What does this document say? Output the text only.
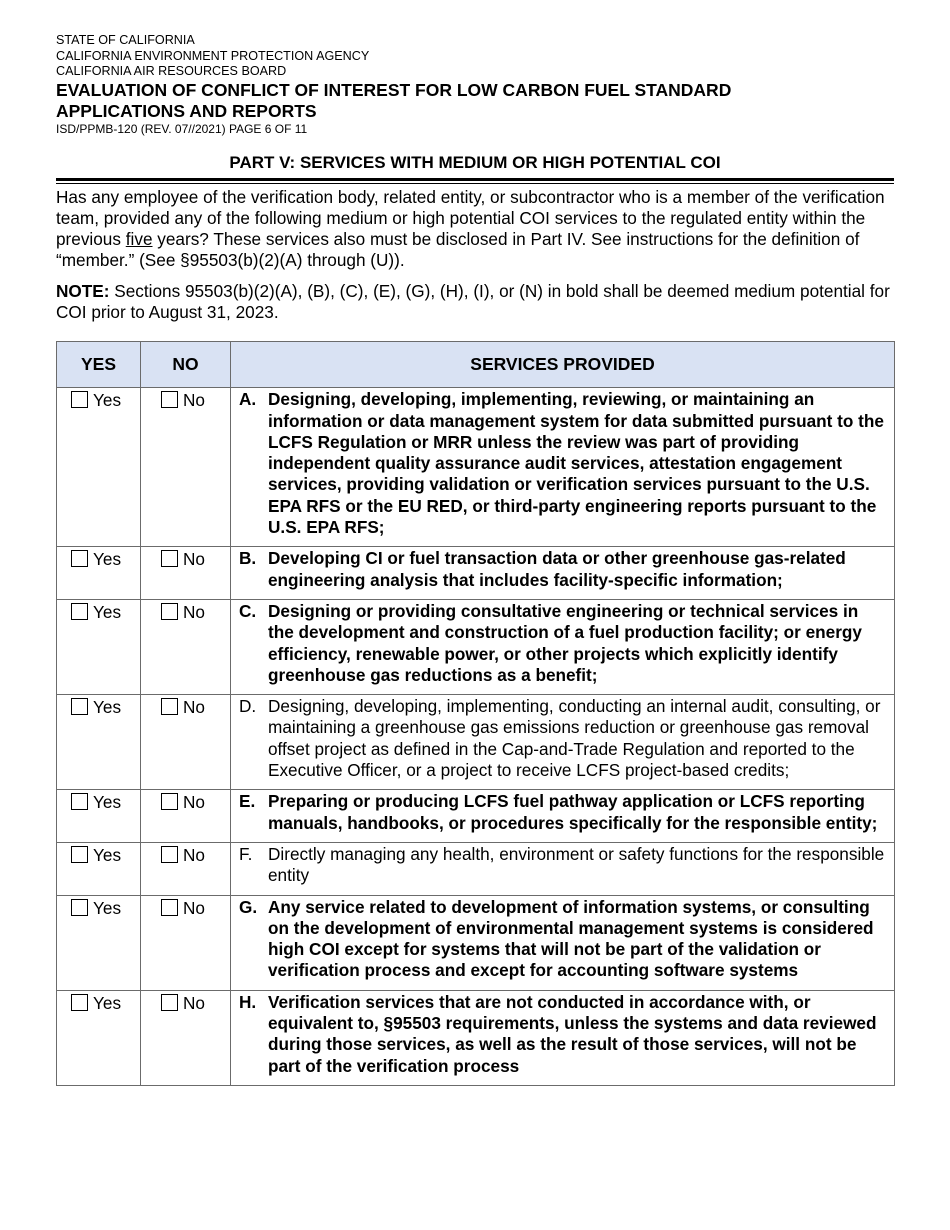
STATE OF CALIFORNIA
CALIFORNIA ENVIRONMENT PROTECTION AGENCY
CALIFORNIA AIR RESOURCES BOARD
EVALUATION OF CONFLICT OF INTEREST FOR LOW CARBON FUEL STANDARD
APPLICATIONS AND REPORTS
ISD/PPMB-120 (REV. 07//2021) PAGE 6 OF 11
PART V: SERVICES WITH MEDIUM OR HIGH POTENTIAL COI
Has any employee of the verification body, related entity, or subcontractor who is a member of the verification team, provided any of the following medium or high potential COI services to the regulated entity within the previous five years? These services also must be disclosed in Part IV. See instructions for the definition of “member.” (See §95503(b)(2)(A) through (U)).
NOTE: Sections 95503(b)(2)(A), (B), (C), (E), (G), (H), (I), or (N) in bold shall be deemed medium potential for COI prior to August 31, 2023.
YES	NO	SERVICES PROVIDED
Yes	No	A. Designing, developing, implementing, reviewing, or maintaining an information or data management system for data submitted pursuant to the LCFS Regulation or MRR unless the review was part of providing independent quality assurance audit services, attestation engagement services, providing validation or verification services pursuant to the U.S. EPA RFS or the EU RED, or third-party engineering reports pursuant to the U.S. EPA RFS;

Yes	No	B. Developing CI or fuel transaction data or other greenhouse gas-related engineering analysis that includes facility-specific information;

Yes	No	C. Designing or providing consultative engineering or technical services in the development and construction of a fuel production facility; or energy efficiency, renewable power, or other projects which explicitly identify greenhouse gas reductions as a benefit;

Yes	No	D. Designing, developing, implementing, conducting an internal audit, consulting, or maintaining a greenhouse gas emissions reduction or greenhouse gas removal offset project as defined in the Cap-and-Trade Regulation and reported to the Executive Officer, or a project to receive LCFS project-based credits;

Yes	No	E. Preparing or producing LCFS fuel pathway application or LCFS reporting manuals, handbooks, or procedures specifically for the responsible entity;

Yes	No	F. Directly managing any health, environment or safety functions for the responsible entity

Yes	No	G. Any service related to development of information systems, or consulting on the development of environmental management systems is considered high COI except for systems that will not be part of the validation or verification process and except for accounting software systems

Yes	No	H. Verification services that are not conducted in accordance with, or equivalent to, §95503 requirements, unless the systems and data reviewed during those services, as well as the result of those services, will not be part of the verification process
